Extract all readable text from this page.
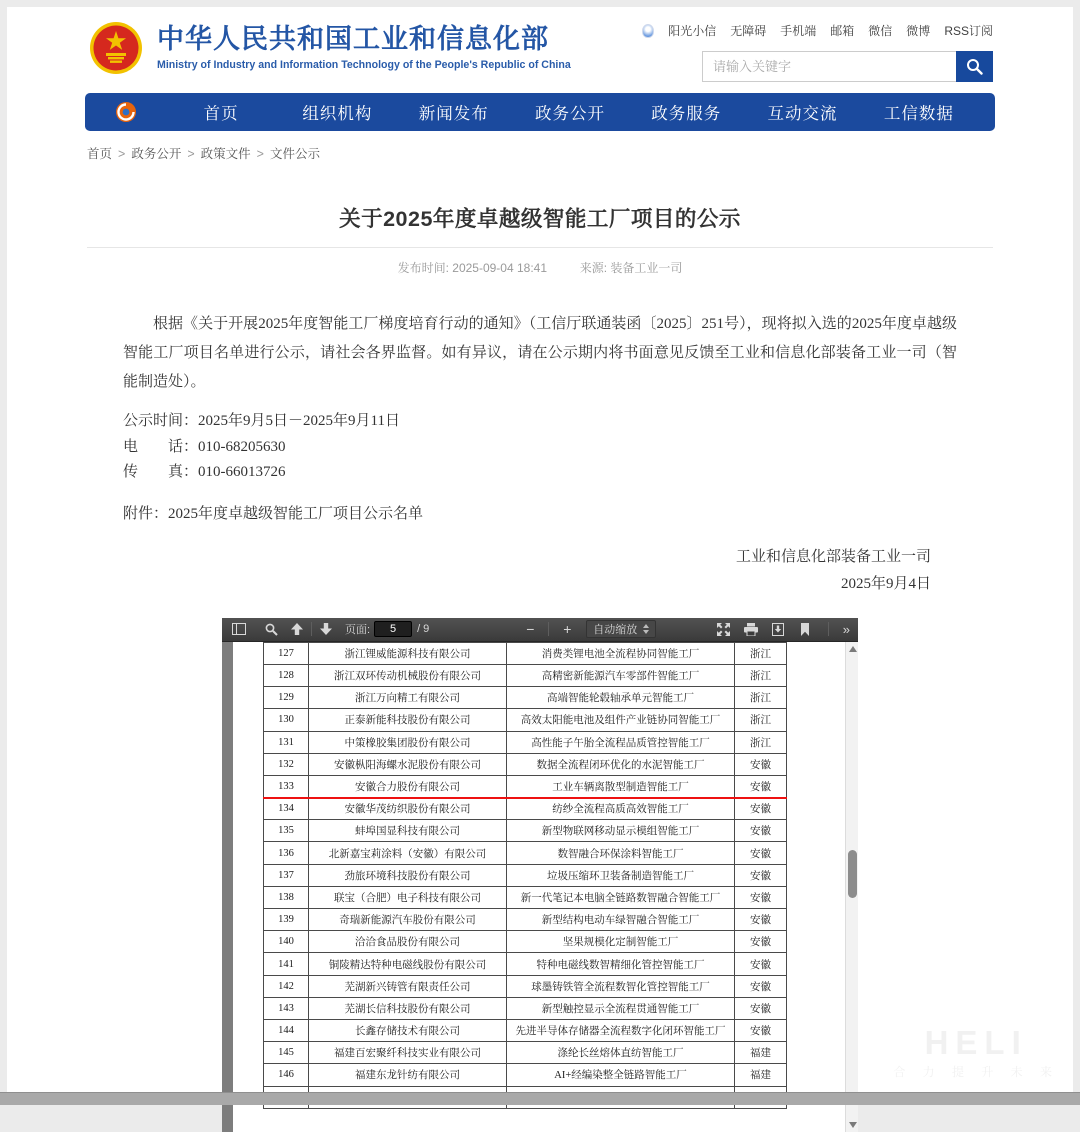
中华人民共和国工业和信息化部
Ministry of Industry and Information Technology of the People's Republic of China
阳光小信 无障碍 手机端 邮箱 微信 微博 RSS订阅
请输入关键字
首页	组织机构	新闻发布	政务公开	政务服务	互动交流	工信数据
首页	> 政务公开	> 政策文件	> 文件公示
关于2025年度卓越级智能工厂项目的公示
发布时间: 2025-09-04 18:41	来源: 装备工业一司

根据《关于开展2025年度智能工厂梯度培育行动的通知》（工信厅联通装函〔2025〕251号），现将拟入选的2025年度卓越级智能工厂项目名单进行公示，请社会各界监督。如有异议，请在公示期内将书面意见反馈至工业和信息化部装备工业一司（智能制造处）。

公示时间：2025年9月5日－2025年9月11日
电　　话：010-68205630
传　　真：010-66013726
附件：2025年度卓越级智能工厂项目公示名单
工业和信息化部装备工业一司
2025年9月4日
页面:
5	/ 9	−	+	自动缩放	»
127	浙江锂威能源科技有限公司	消费类锂电池全流程协同智能工厂	浙江
128	浙江双环传动机械股份有限公司	高精密新能源汽车零部件智能工厂	浙江
129	浙江万向精工有限公司	高端智能轮毂轴承单元智能工厂	浙江
130	正泰新能科技股份有限公司	高效太阳能电池及组件产业链协同智能工厂	浙江
131	中策橡胶集团股份有限公司	高性能子午胎全流程品质管控智能工厂	浙江
132	安徽枞阳海螺水泥股份有限公司	数据全流程闭环优化的水泥智能工厂	安徽
133	安徽合力股份有限公司	工业车辆离散型制造智能工厂	安徽
134	安徽华茂纺织股份有限公司	纺纱全流程高质高效智能工厂	安徽
135	蚌埠国显科技有限公司	新型物联网移动显示模组智能工厂	安徽
136	北新嘉宝莉涂料（安徽）有限公司	数智融合环保涂料智能工厂	安徽
137	劲旅环境科技股份有限公司	垃圾压缩环卫装备制造智能工厂	安徽
138	联宝（合肥）电子科技有限公司	新一代笔记本电脑全链路数智融合智能工厂	安徽
139	奇瑞新能源汽车股份有限公司	新型结构电动车绿智融合智能工厂	安徽
140	洽洽食品股份有限公司	坚果规模化定制智能工厂	安徽
141	铜陵精达特种电磁线股份有限公司	特种电磁线数智精细化管控智能工厂	安徽
142	芜湖新兴铸管有限责任公司	球墨铸铁管全流程数智化管控智能工厂	安徽
143	芜湖长信科技股份有限公司	新型触控显示全流程贯通智能工厂	安徽
144	长鑫存储技术有限公司	先进半导体存储器全流程数字化闭环智能工厂	安徽
145	福建百宏聚纤科技实业有限公司	涤纶长丝熔体直纺智能工厂	福建
146	福建东龙针纺有限公司	AI+经编染整全链路智能工厂	福建

HELI
合 力 提 升 未 来
